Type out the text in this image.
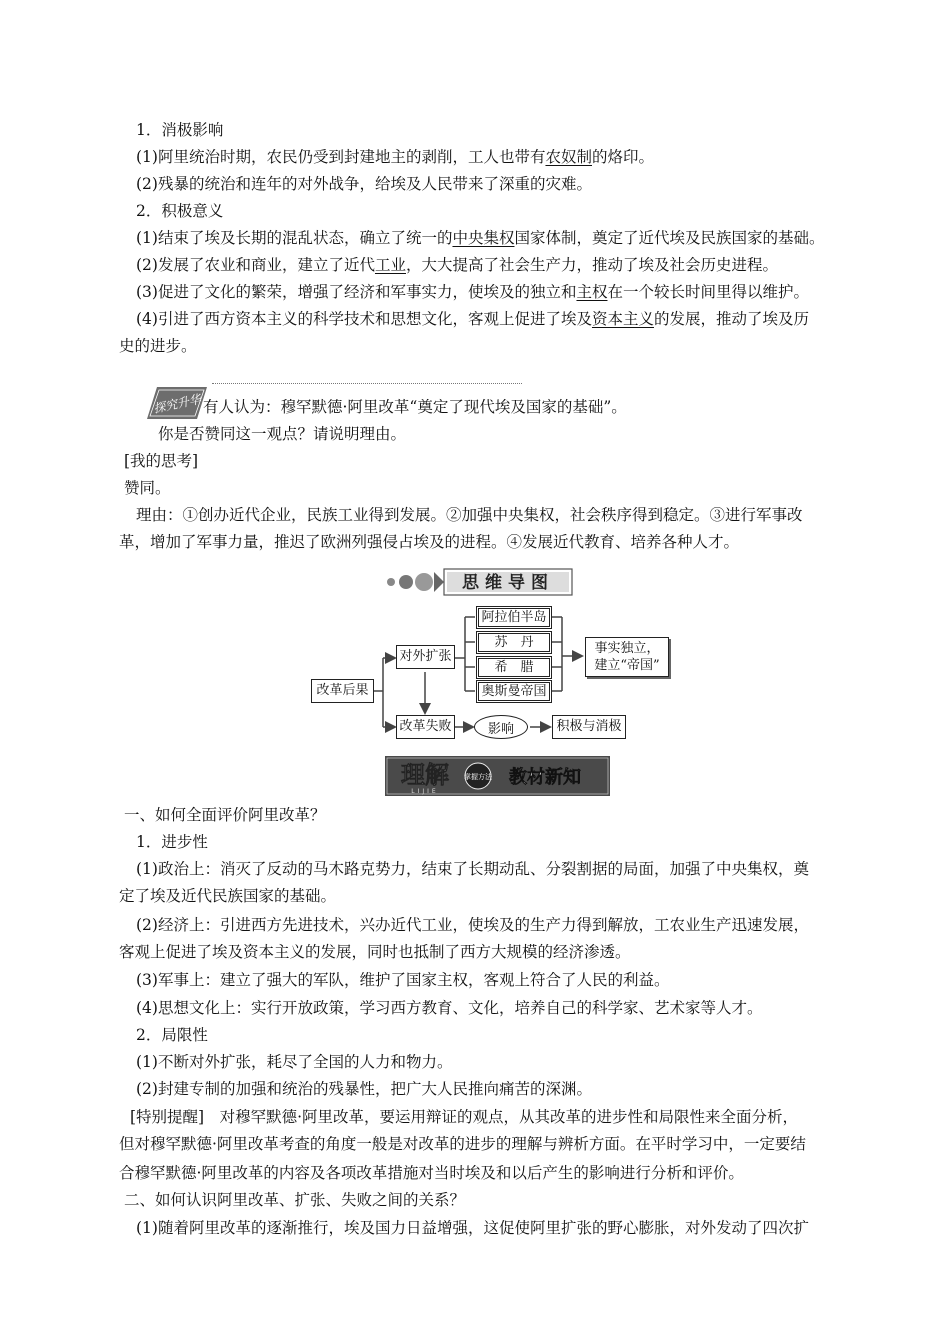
1．消极影响
(1)阿里统治时期，农民仍受到封建地主的剥削，工人也带有农奴制的烙印。
(2)残暴的统治和连年的对外战争，给埃及人民带来了深重的灾难。
2．积极意义
(1)结束了埃及长期的混乱状态，确立了统一的中央集权国家体制，奠定了近代埃及民族国家的基础。
(2)发展了农业和商业，建立了近代工业，大大提高了社会生产力，推动了埃及社会历史进程。
(3)促进了文化的繁荣，增强了经济和军事实力，使埃及的独立和主权在一个较长时间里得以维护。
(4)引进了西方资本主义的科学技术和思想文化，客观上促进了埃及资本主义的发展，推动了埃及历
史的进步。
探究升华 有人认为：穆罕默德·阿里改革“奠定了现代埃及国家的基础”。
你是否赞同这一观点？请说明理由。
[我的思考]
赞同。
理由：①创办近代企业，民族工业得到发展。②加强中央集权，社会秩序得到稳定。③进行军事改
革，增加了军事力量，推迟了欧洲列强侵占埃及的进程。④发展近代教育、培养各种人才。
思维导图
改革后果
对外扩张
改革失败
阿拉伯半岛
苏　丹
希　腊
奥斯曼帝国
事实独立，
建立“帝国”
影响	积极与消极
理解
LIJIE
掌握方法 教材新知
一、如何全面评价阿里改革？
1．进步性
(1)政治上：消灭了反动的马木路克势力，结束了长期动乱、分裂割据的局面，加强了中央集权，奠
定了埃及近代民族国家的基础。
(2)经济上：引进西方先进技术，兴办近代工业，使埃及的生产力得到解放，工农业生产迅速发展，
客观上促进了埃及资本主义的发展，同时也抵制了西方大规模的经济渗透。
(3)军事上：建立了强大的军队，维护了国家主权，客观上符合了人民的利益。
(4)思想文化上：实行开放政策，学习西方教育、文化，培养自己的科学家、艺术家等人才。
2．局限性
(1)不断对外扩张，耗尽了全国的人力和物力。
(2)封建专制的加强和统治的残暴性，把广大人民推向痛苦的深渊。
[特别提醒]　对穆罕默德·阿里改革，要运用辩证的观点，从其改革的进步性和局限性来全面分析，
但对穆罕默德·阿里改革考查的角度一般是对改革的进步的理解与辨析方面。在平时学习中，一定要结
合穆罕默德·阿里改革的内容及各项改革措施对当时埃及和以后产生的影响进行分析和评价。
二、如何认识阿里改革、扩张、失败之间的关系？
(1)随着阿里改革的逐渐推行，埃及国力日益增强，这促使阿里扩张的野心膨胀，对外发动了四次扩
